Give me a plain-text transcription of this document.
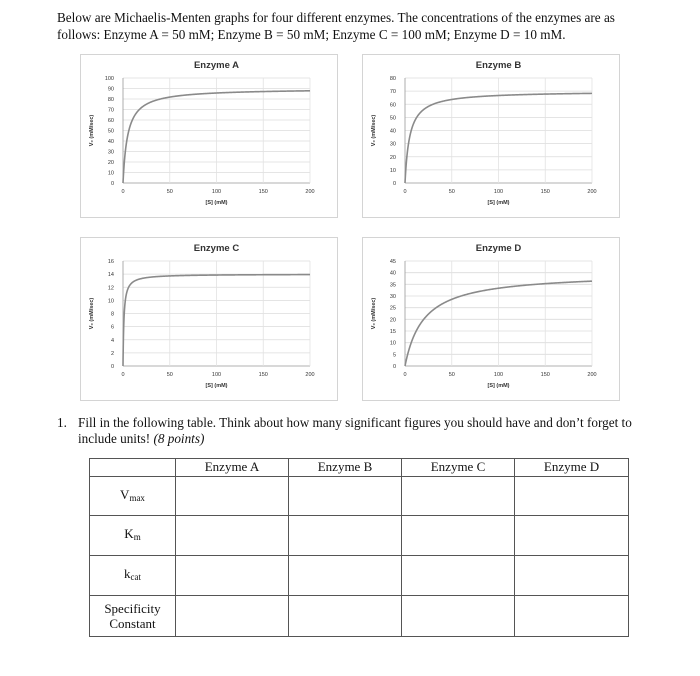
Below are Michaelis-Menten graphs for four different enzymes. The concentrations of the enzymes are as
follows: Enzyme A = 50 mM; Enzyme B = 50 mM; Enzyme C = 100 mM; Enzyme D = 10 mM.
Enzyme A
0
10
20
30
40
50
60
70
80
90
100
0	50	100	150	200
[S] (mM)
V₀ (mM/sec)
Enzyme B
0
10
20
30
40
50
60
70
80
0	50	100	150	200
[S] (mM)
V₀ (mM/sec)
Enzyme C
0
2
4
6
8
10
12
14
16
0	50	100	150	200
[S] (mM)
V₀ (mM/sec)
Enzyme D
0
5
10
15
20
25
30
35
40
45
0	50	100	150	200
[S] (mM)
V₀ (mM/sec)
1. Fill in the following table. Think about how many significant figures you should have and don’t forget to
include units! (8 points)
	Enzyme A	Enzyme B	Enzyme C	Enzyme D
$V_{max}$				
$K_m$				
$k_{cat}$				

Specificity
Constant				
